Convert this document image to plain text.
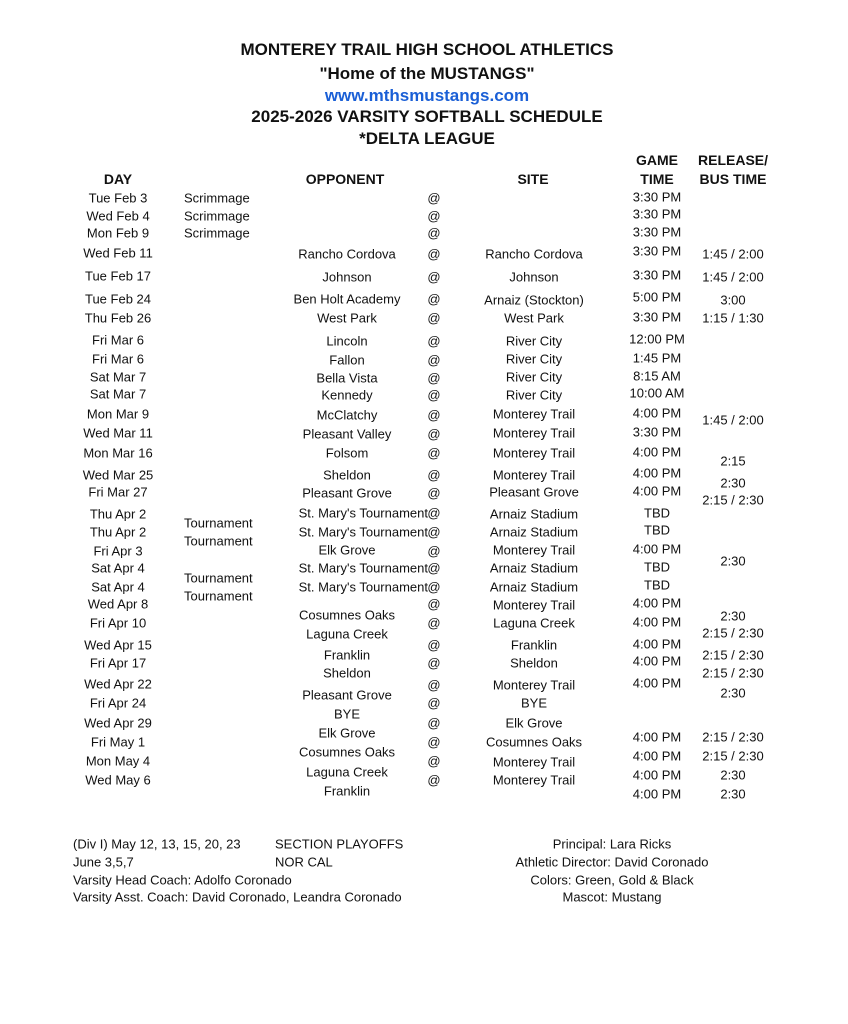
MONTEREY TRAIL HIGH SCHOOL ATHLETICS
"Home of the MUSTANGS"
www.mthsmustangs.com
2025-2026 VARSITY SOFTBALL SCHEDULE
*DELTA LEAGUE
DAY	OPPONENT	SITE
GAME
TIME
RELEASE/
BUS TIME
Tue Feb 3
Wed Feb 4
Mon Feb 9
Wed Feb 11
Tue Feb 17
Tue Feb 24
Thu Feb 26
Fri Mar 6
Fri Mar 6
Sat Mar 7
Sat Mar 7
Mon Mar 9
Wed Mar 11
Mon Mar 16
Wed Mar 25
Fri Mar 27
Thu Apr 2
Thu Apr 2
Fri Apr 3
Sat Apr 4
Sat Apr 4
Wed Apr 8
Fri Apr 10
Wed Apr 15
Fri Apr 17
Wed Apr 22
Fri Apr 24
Wed Apr 29
Fri May 1
Mon May 4
Wed May 6
Scrimmage
Scrimmage
Scrimmage
Tournament
Tournament
Tournament
Tournament
Rancho Cordova
Johnson
Ben Holt Academy
West Park
Lincoln
Fallon
Bella Vista
Kennedy
McClatchy
Pleasant Valley
Folsom
Sheldon
Pleasant Grove
St. Mary's Tournament
St. Mary's Tournament
Elk Grove
St. Mary's Tournament
St. Mary's Tournament
Cosumnes Oaks
Laguna Creek
Franklin
Sheldon
Pleasant Grove
BYE
Elk Grove
Cosumnes Oaks
Laguna Creek
Franklin
@
@
@
@
@
@
@
@
@
@
@
@
@
@
@
@
@
@
@
@
@
@
@
@
@
@
@
@
@
@
@
Rancho Cordova
Johnson
Arnaiz (Stockton)
West Park
River City
River City
River City
River City
Monterey Trail
Monterey Trail
Monterey Trail
Monterey Trail
Pleasant Grove
Arnaiz Stadium
Arnaiz Stadium
Monterey Trail
Arnaiz Stadium
Arnaiz Stadium
Monterey Trail
Laguna Creek
Franklin
Sheldon
Monterey Trail
BYE
Elk Grove
Cosumnes Oaks
Monterey Trail
Monterey Trail
3:30 PM
3:30 PM
3:30 PM
3:30 PM
3:30 PM
5:00 PM
3:30 PM
12:00 PM
1:45 PM
8:15 AM
10:00 AM
4:00 PM
3:30 PM
4:00 PM
4:00 PM
4:00 PM
TBD
TBD
4:00 PM
TBD
TBD
4:00 PM
4:00 PM
4:00 PM
4:00 PM
4:00 PM
4:00 PM
4:00 PM
4:00 PM
4:00 PM
1:45 / 2:00
1:45 / 2:00
3:00
1:15 / 1:30
1:45 / 2:00
2:15
2:30
2:15 / 2:30
2:30
2:30
2:15 / 2:30
2:15 / 2:30
2:15 / 2:30
2:30
2:15 / 2:30
2:15 / 2:30
2:30
2:30
(Div I) May 12, 13, 15, 20, 23
June 3,5,7
Varsity Head Coach: Adolfo Coronado
Varsity Asst. Coach: David Coronado, Leandra Coronado
SECTION PLAYOFFS
NOR CAL
Principal: Lara Ricks
Athletic Director: David Coronado
Colors: Green, Gold & Black
Mascot: Mustang
